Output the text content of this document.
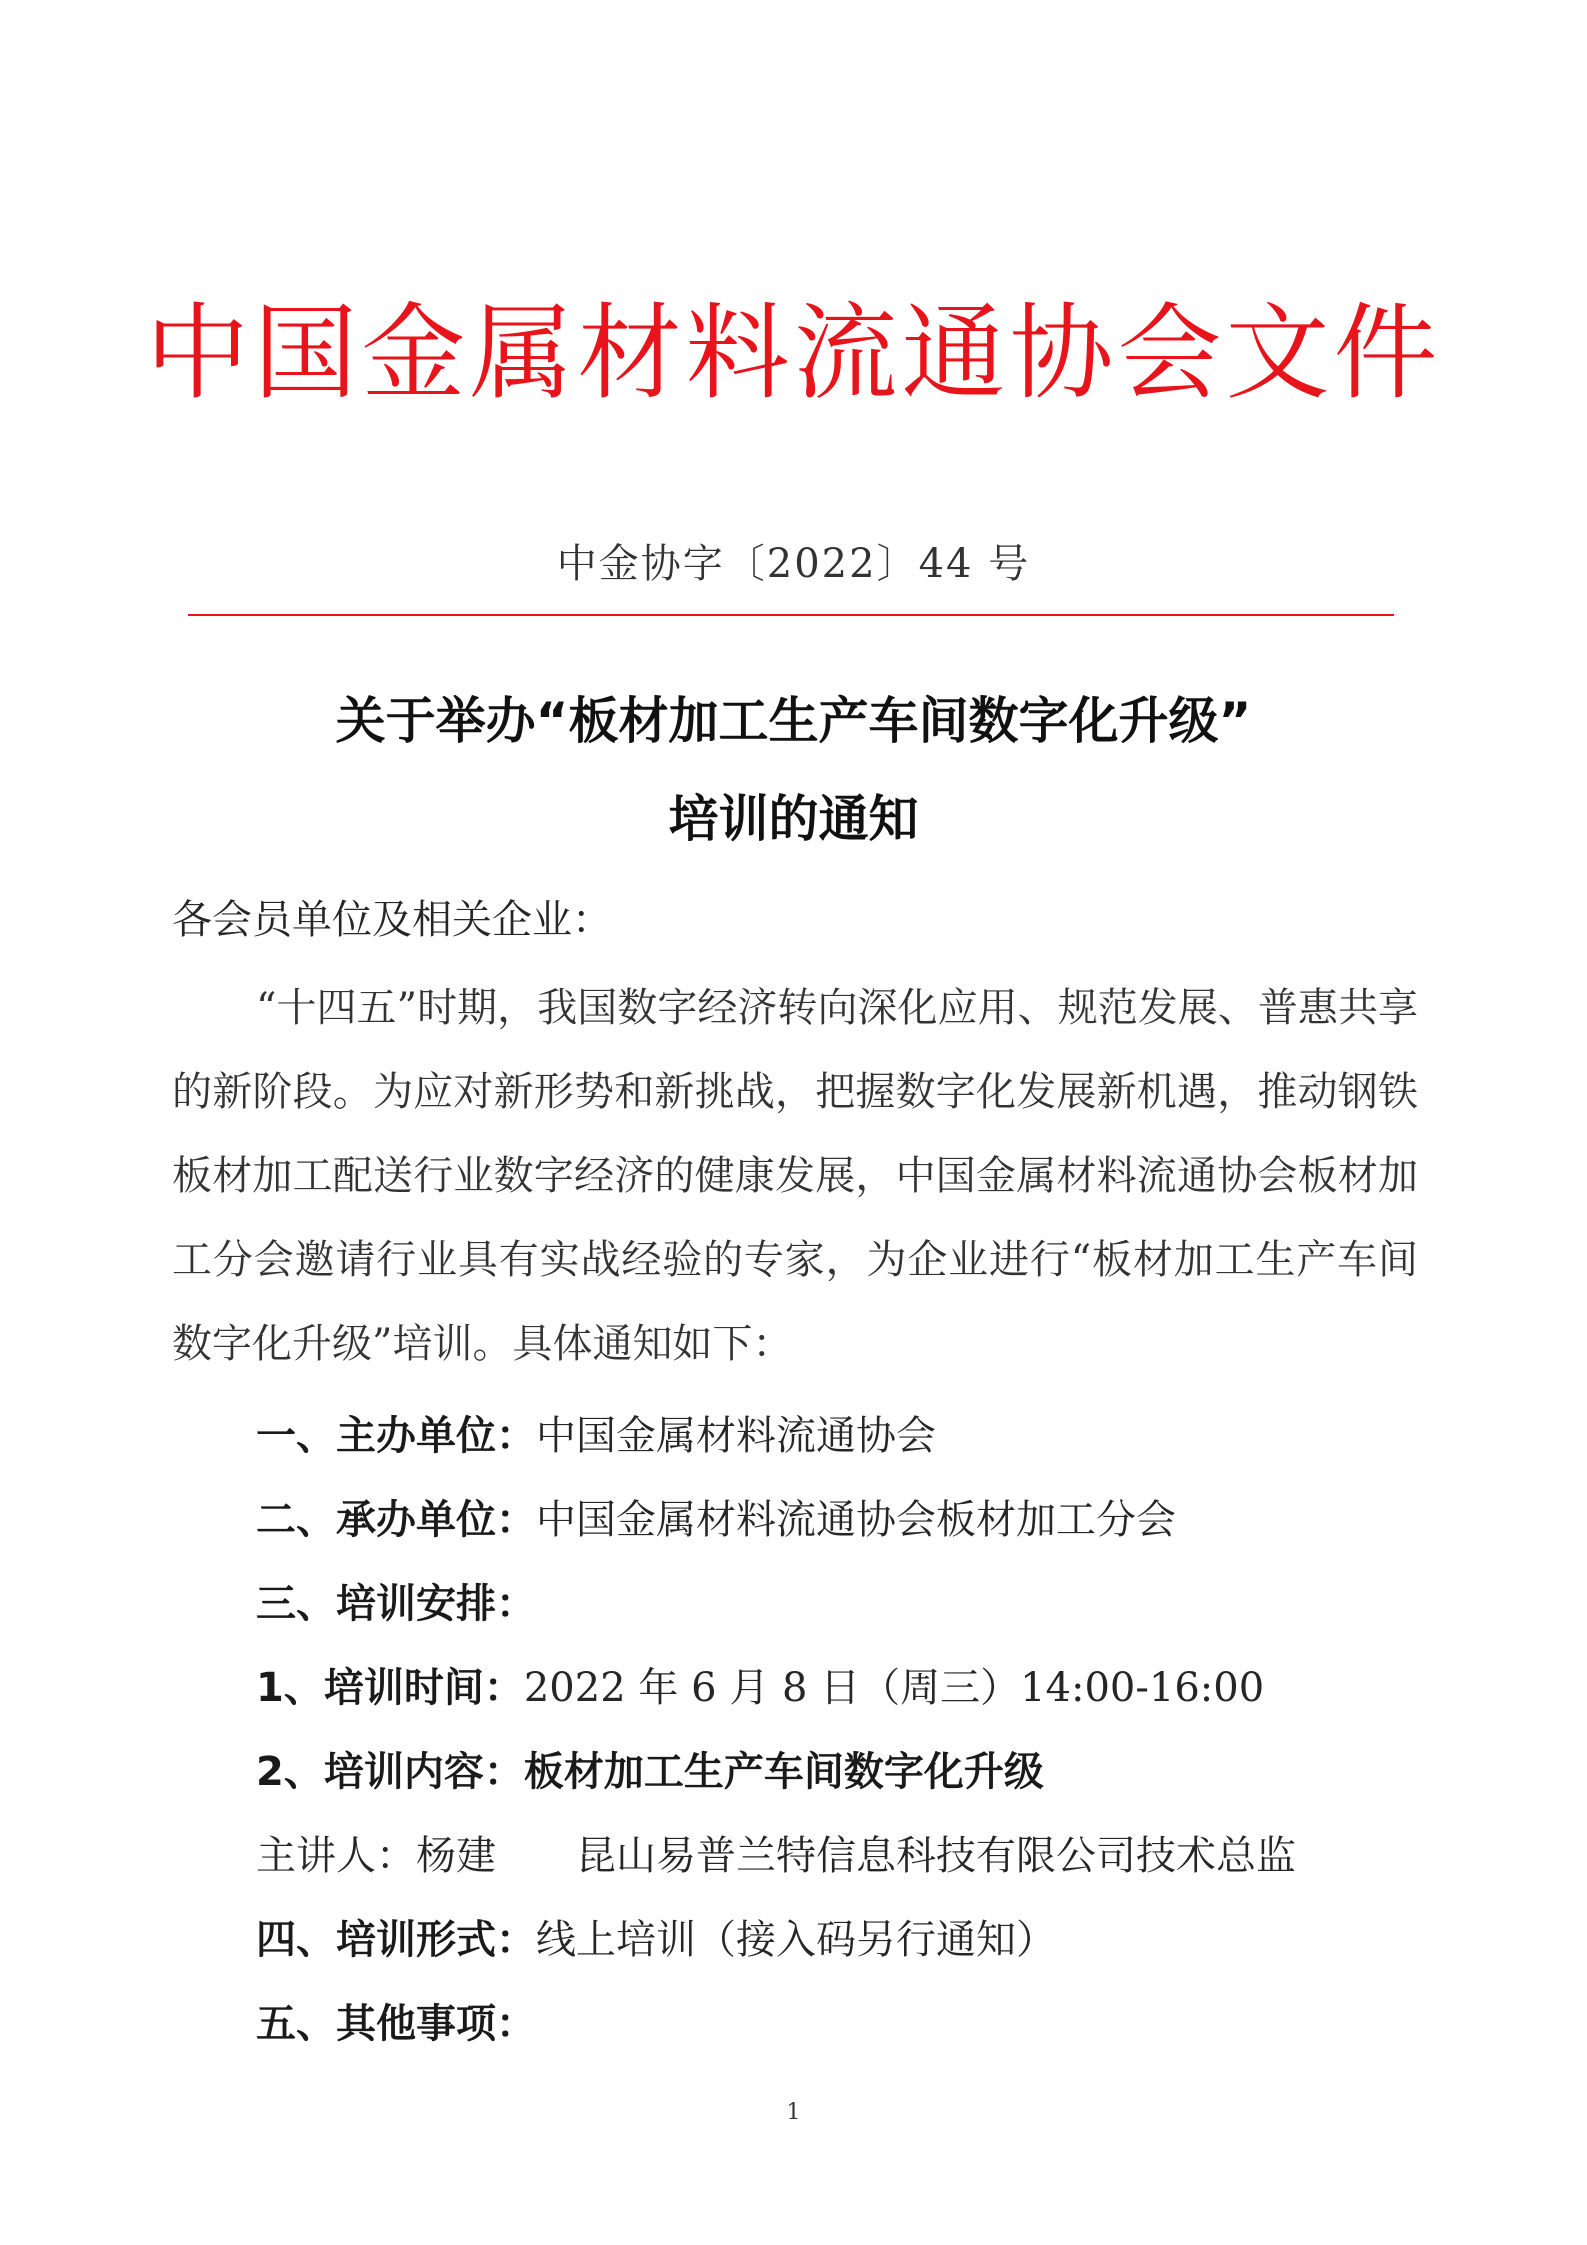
中国金属材料流通协会文件
中金协字〔2022〕44 号
关于举办“板材加工生产车间数字化升级”
培训的通知
各会员单位及相关企业：
“十四五”时期，我国数字经济转向深化应用、规范发展、普惠共享的新阶段。为应对新形势和新挑战，把握数字化发展新机遇，推动钢铁板材加工配送行业数字经济的健康发展，中国金属材料流通协会板材加工分会邀请行业具有实战经验的专家，为企业进行“板材加工生产车间数字化升级”培训。具体通知如下：
一、主办单位：中国金属材料流通协会
二、承办单位：中国金属材料流通协会板材加工分会
三、培训安排：
1、培训时间：2022 年 6 月 8 日（周三）14:00-16:00
2、培训内容：板材加工生产车间数字化升级
主讲人：杨建　　昆山易普兰特信息科技有限公司技术总监
四、培训形式：线上培训（接入码另行通知）
五、其他事项：
1
